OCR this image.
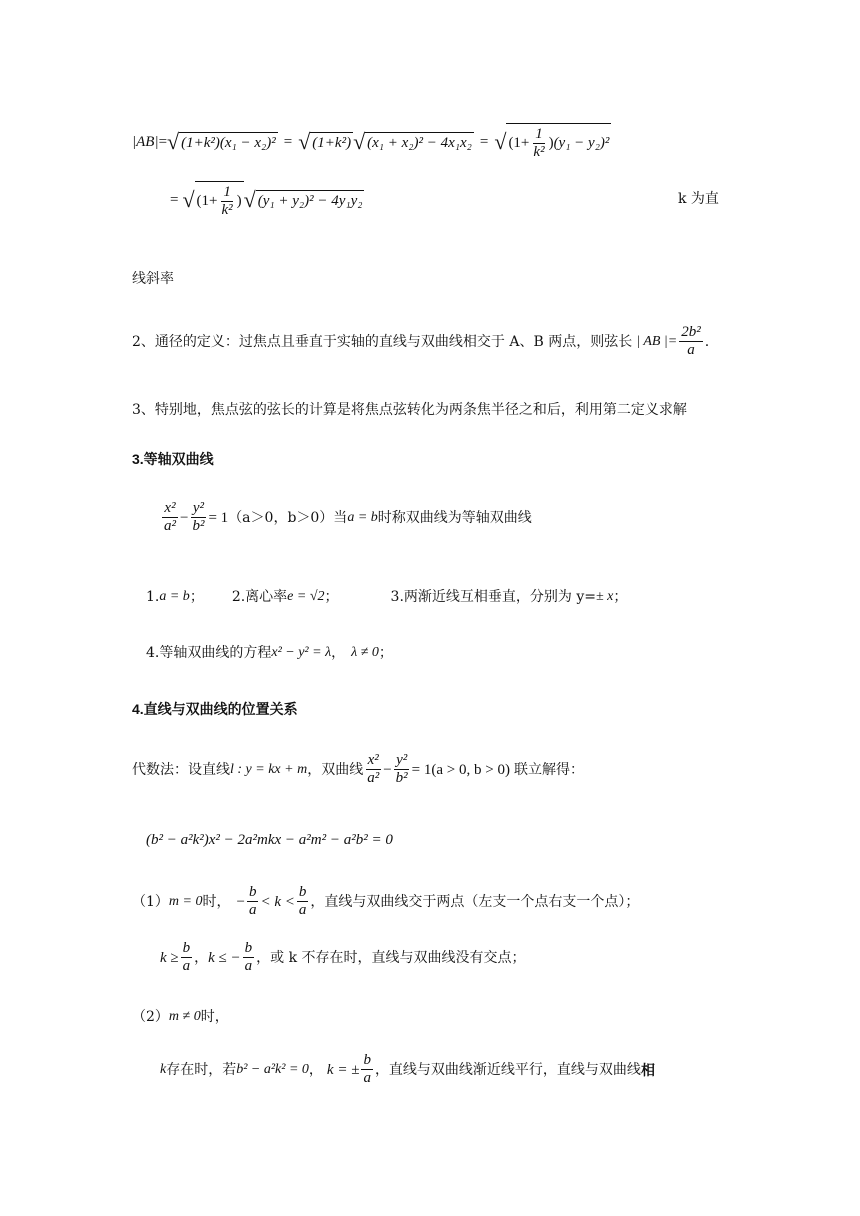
|AB| = √ (1+k²)(x₁ − x₂)² = √ (1+k²) √ (x₁ + x₂)² − 4x₁x₂ = √ $(1+ \frac{1}{\text{k²}} )(y_1 - y_2)^2$
= √ ($1+ \frac{1}{\text{k²}}$ ) √ (y₁ + y₂)² − 4y₁y₂	k 为直
线斜率
2、通径的定义：过焦点且垂直于实轴的直线与双曲线相交于 A、B 两点，则弦长 | AB |= $\frac{\text{2b²}}{a}$ .
3、特别地，焦点弦的弦长的计算是将焦点弦转化为两条焦半径之和后，利用第二定义求解
3.等轴双曲线
$\frac{\text{x²}}{\text{a²}} - \frac{\text{y²}}{\text{b²}} = 1$ （a＞0，b＞0）当 a = b 时称双曲线为等轴双曲线
1. a = b ； 2.离心率 e = √2 ；	3.两渐近线互相垂直，分别为 y= ± x ；
4.等轴双曲线的方程 x² − y² = λ ， λ ≠ 0 ；
4.直线与双曲线的位置关系
代数法：设直线 l : y = kx + m ，双曲线 $\frac{\text{x²}}{\text{a²}} - \frac{\text{y²}}{\text{b²}} = 1(a > 0$, b > 0) 联立解得：
(b² − a²k²)x² − 2a²mkx − a²m² − a²b² = 0
（1） m = 0 时， − $\frac{b}{a} < k < \frac{b}{a}$ ，直线与双曲线交于两点（左支一个点右支一个点）；
$k \ge \frac{b}{a}$ ， k ≤ − $\frac{b}{a}$ ，或 k 不存在时，直线与双曲线没有交点；
（2） m ≠ 0 时，
k 存在时，若 b² − a²k² = 0 ， k = ± $\frac{b}{a}$ ，直线与双曲线渐近线平行，直线与双曲线 相
